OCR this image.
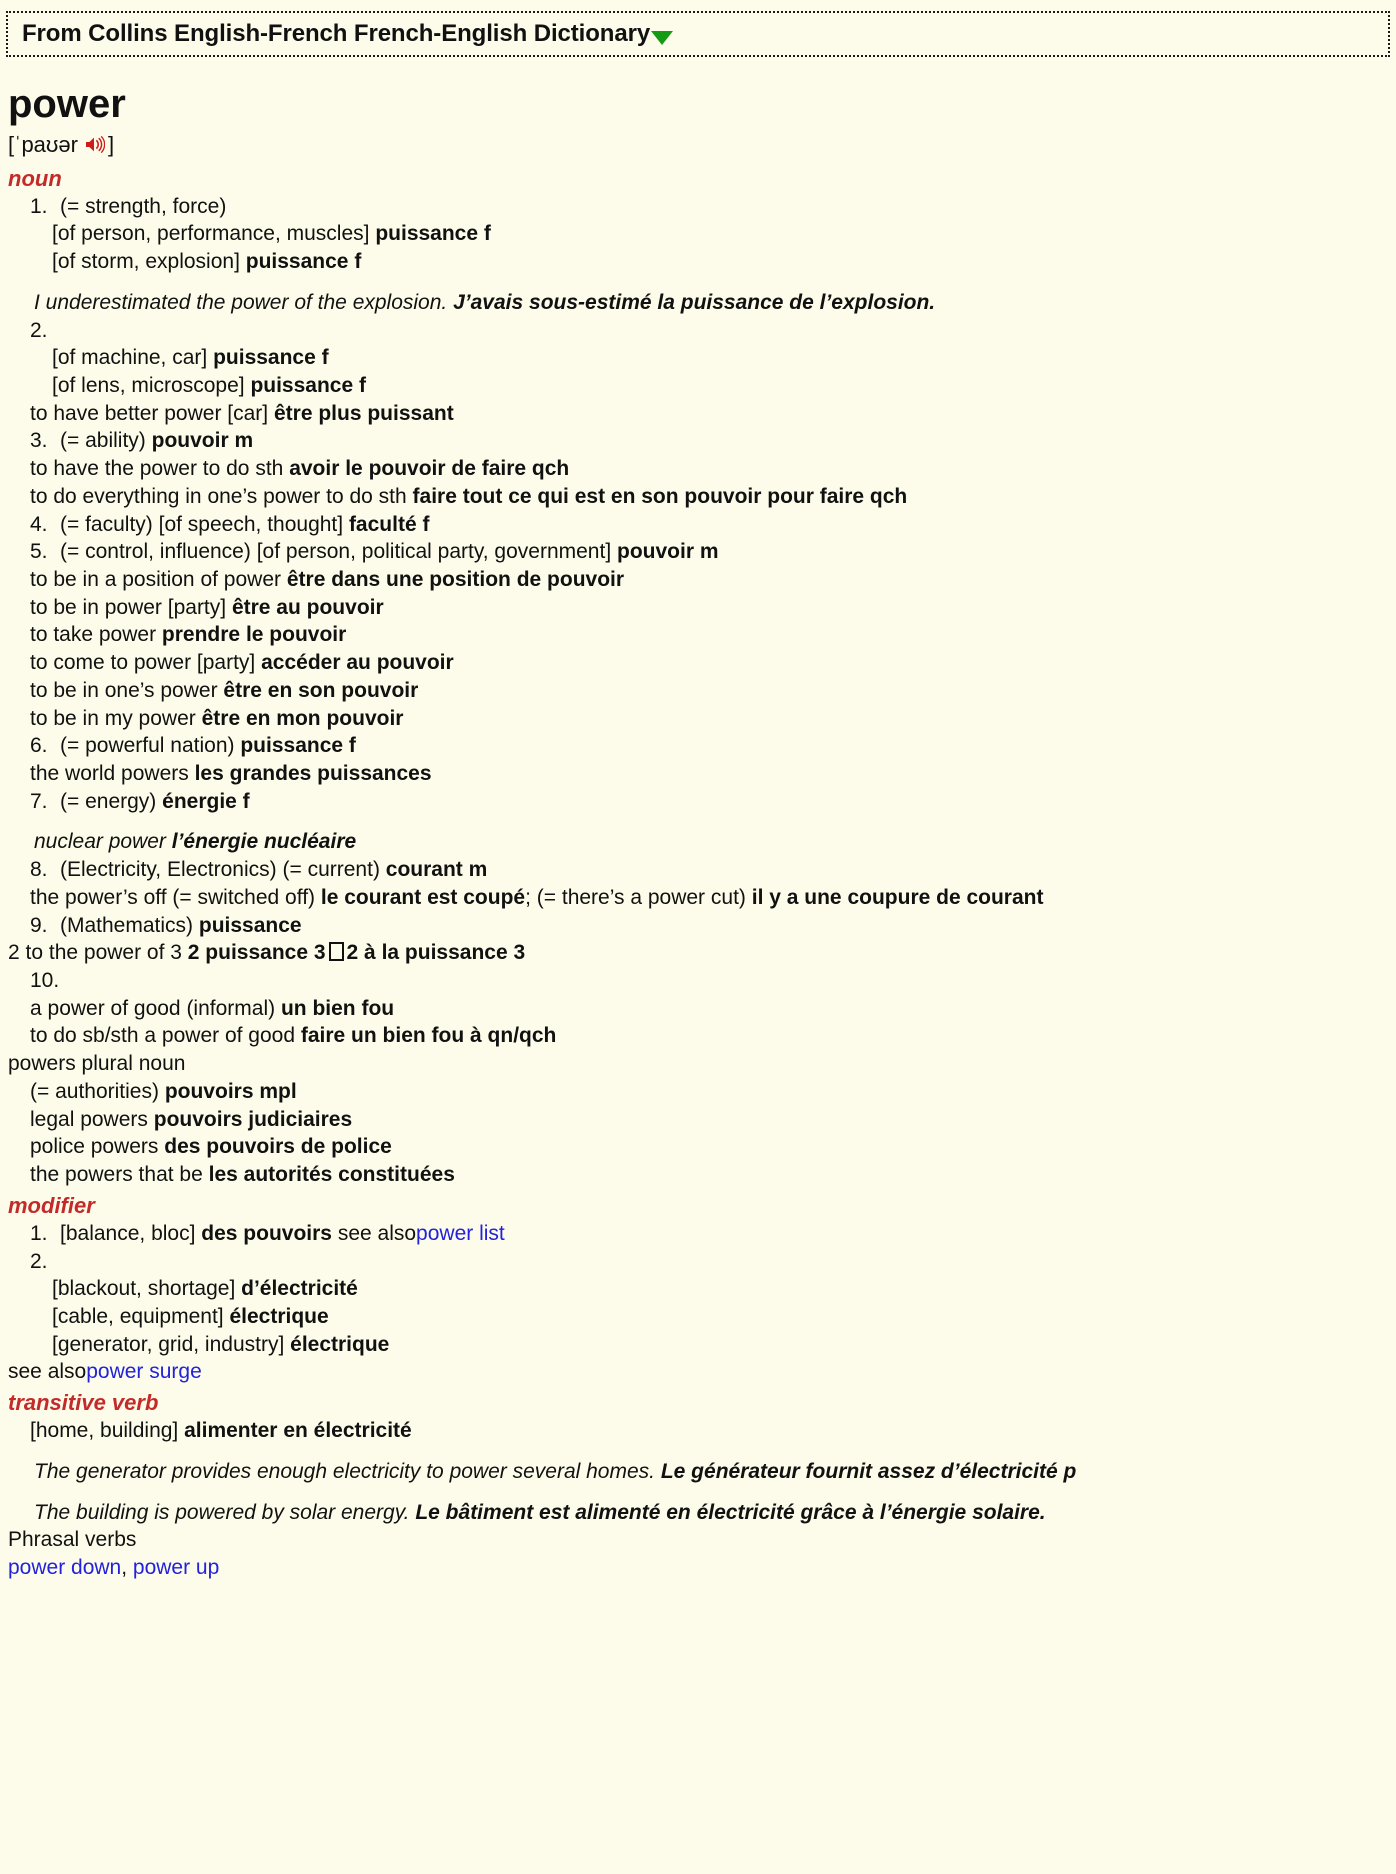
From Collins English-French French-English Dictionary
power
[ˈpaʊər ]
noun
1. (= strength, force)
[of person, performance, muscles] puissance f
[of storm, explosion] puissance f
I underestimated the power of the explosion. J’avais sous-estimé la puissance de l’explosion.
2.
[of machine, car] puissance f
[of lens, microscope] puissance f
to have better power [car] être plus puissant
3. (= ability) pouvoir m
to have the power to do sth avoir le pouvoir de faire qch
to do everything in one’s power to do sth faire tout ce qui est en son pouvoir pour faire qch
4. (= faculty) [of speech, thought] faculté f
5. (= control, influence) [of person, political party, government] pouvoir m
to be in a position of power être dans une position de pouvoir
to be in power [party] être au pouvoir
to take power prendre le pouvoir
to come to power [party] accéder au pouvoir
to be in one’s power être en son pouvoir
to be in my power être en mon pouvoir
6. (= powerful nation) puissance f
the world powers les grandes puissances
7. (= energy) énergie f
nuclear power l’énergie nucléaire
8. (Electricity, Electronics) (= current) courant m
the power’s off (= switched off) le courant est coupé; (= there’s a power cut) il y a une coupure de courant
9. (Mathematics) puissance
2 to the power of 3 2 puissance 3 2 à la puissance 3
10.
a power of good (informal) un bien fou
to do sb/sth a power of good faire un bien fou à qn/qch
powers plural noun
(= authorities) pouvoirs mpl
legal powers pouvoirs judiciaires
police powers des pouvoirs de police
the powers that be les autorités constituées
modifier
1. [balance, bloc] des pouvoirs see alsopower list
2.
[blackout, shortage] d’électricité
[cable, equipment] électrique
[generator, grid, industry] électrique
see alsopower surge
transitive verb
[home, building] alimenter en électricité
The generator provides enough electricity to power several homes. Le générateur fournit assez d’électricité p
The building is powered by solar energy. Le bâtiment est alimenté en électricité grâce à l’énergie solaire.
Phrasal verbs
power down, power up
